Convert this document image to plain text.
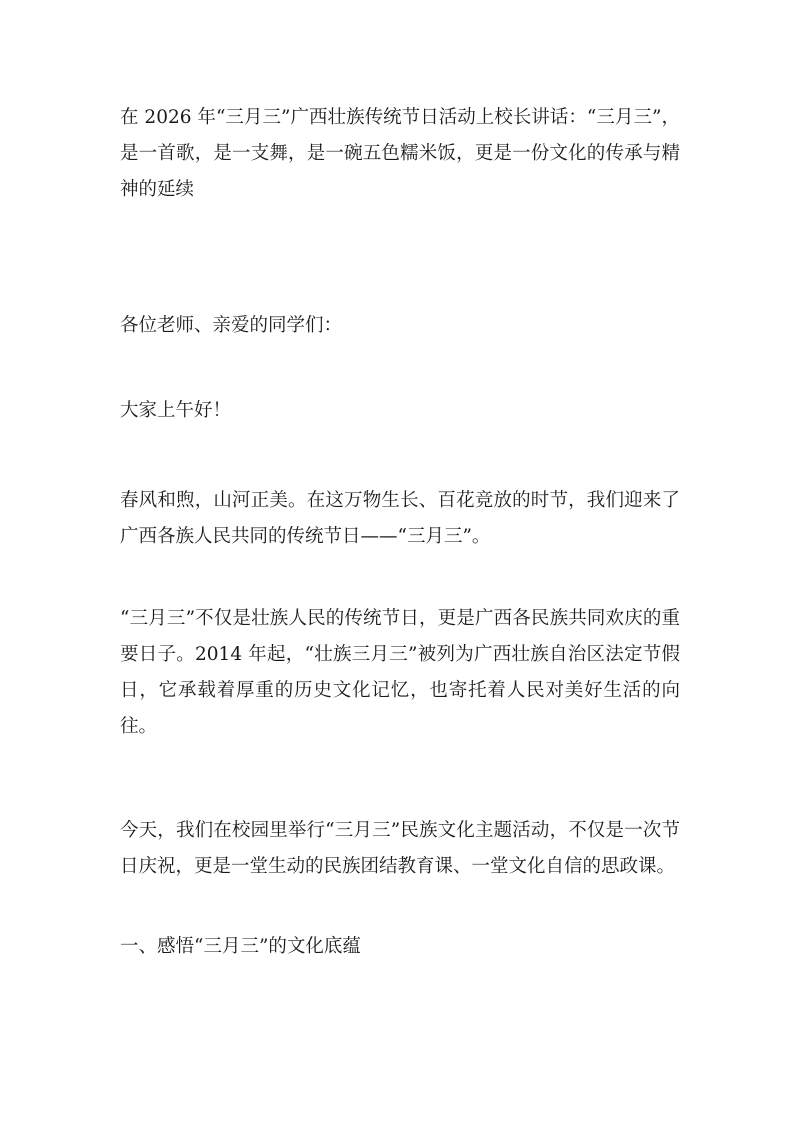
在 2026 年“三月三”广西壮族传统节日活动上校长讲话：“三月三”，是一首歌，是一支舞，是一碗五色糯米饭，更是一份文化的传承与精神的延续

各位老师、亲爱的同学们：

大家上午好！

春风和煦，山河正美。在这万物生长、百花竞放的时节，我们迎来了广西各族人民共同的传统节日——“三月三”。

“三月三”不仅是壮族人民的传统节日，更是广西各民族共同欢庆的重要日子。2014 年起，“壮族三月三”被列为广西壮族自治区法定节假日，它承载着厚重的历史文化记忆，也寄托着人民对美好生活的向往。

今天，我们在校园里举行“三月三”民族文化主题活动，不仅是一次节日庆祝，更是一堂生动的民族团结教育课、一堂文化自信的思政课。

一、感悟“三月三”的文化底蕴
